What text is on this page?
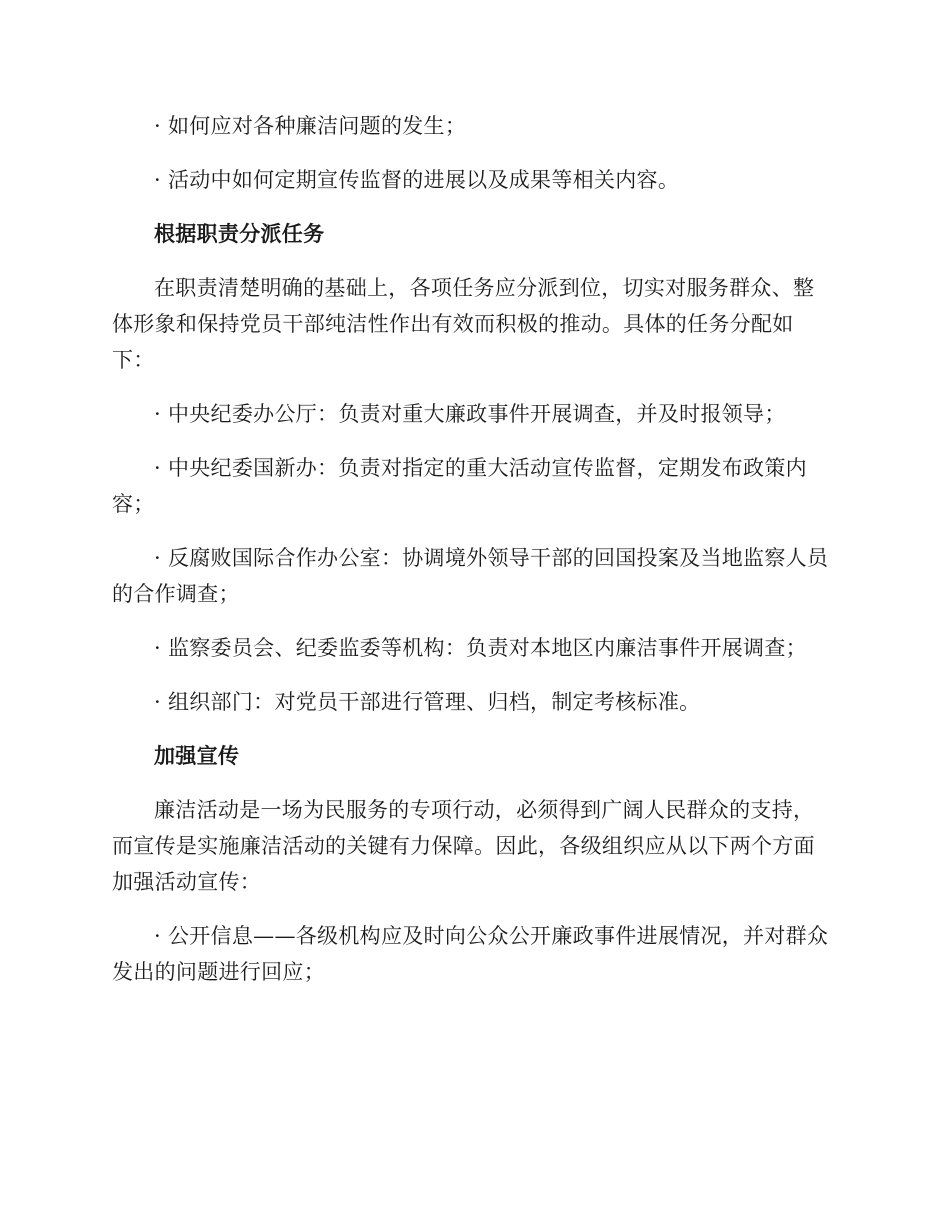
· 如何应对各种廉洁问题的发生；

· 活动中如何定期宣传监督的进展以及成果等相关内容。

根据职责分派任务

在职责清楚明确的基础上，各项任务应分派到位，切实对服务群众、整体形象和保持党员干部纯洁性作出有效而积极的推动。具体的任务分配如下：

· 中央纪委办公厅：负责对重大廉政事件开展调查，并及时报领导；

· 中央纪委国新办：负责对指定的重大活动宣传监督，定期发布政策内容；

· 反腐败国际合作办公室：协调境外领导干部的回国投案及当地监察人员的合作调查；

· 监察委员会、纪委监委等机构：负责对本地区内廉洁事件开展调查；

· 组织部门：对党员干部进行管理、归档，制定考核标准。

加强宣传

廉洁活动是一场为民服务的专项行动，必须得到广阔人民群众的支持，而宣传是实施廉洁活动的关键有力保障。因此，各级组织应从以下两个方面加强活动宣传：

· 公开信息——各级机构应及时向公众公开廉政事件进展情况，并对群众发出的问题进行回应；
